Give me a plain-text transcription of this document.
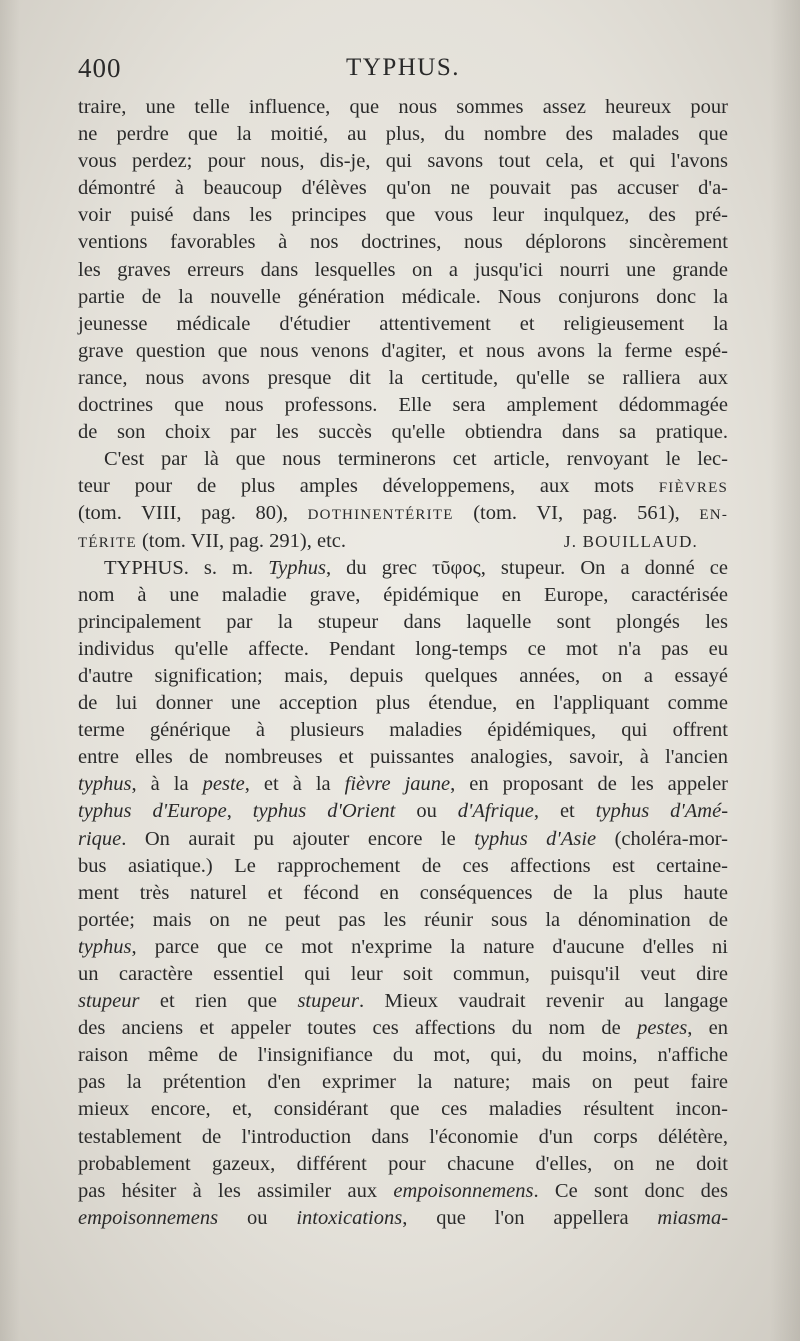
400	TYPHUS.
traire, une telle influence, que nous sommes assez heureux pour
ne perdre que la moitié, au plus, du nombre des malades que
vous perdez; pour nous, dis-je, qui savons tout cela, et qui l'avons
démontré à beaucoup d'élèves qu'on ne pouvait pas accuser d'a-
voir puisé dans les principes que vous leur inqulquez, des pré-
ventions favorables à nos doctrines, nous déplorons sincèrement
les graves erreurs dans lesquelles on a jusqu'ici nourri une grande
partie de la nouvelle génération médicale. Nous conjurons donc la
jeunesse médicale d'étudier attentivement et religieusement la
grave question que nous venons d'agiter, et nous avons la ferme espé-
rance, nous avons presque dit la certitude, qu'elle se ralliera aux
doctrines que nous professons. Elle sera amplement dédommagée
de son choix par les succès qu'elle obtiendra dans sa pratique.
C'est par là que nous terminerons cet article, renvoyant le lec-
teur pour de plus amples développemens, aux mots FIÈVRES
(tom. VIII, pag. 80), DOTHINENTÉRITE (tom. VI, pag. 561), EN-
TÉRITE (tom. VII, pag. 291), etc.	J. BOUILLAUD.
TYPHUS. s. m. Typhus, du grec τῦφος, stupeur. On a donné ce
nom à une maladie grave, épidémique en Europe, caractérisée
principalement par la stupeur dans laquelle sont plongés les
individus qu'elle affecte. Pendant long-temps ce mot n'a pas eu
d'autre signification; mais, depuis quelques années, on a essayé
de lui donner une acception plus étendue, en l'appliquant comme
terme générique à plusieurs maladies épidémiques, qui offrent
entre elles de nombreuses et puissantes analogies, savoir, à l'ancien
typhus, à la peste, et à la fièvre jaune, en proposant de les appeler
typhus d'Europe, typhus d'Orient ou d'Afrique, et typhus d'Amé-
rique. On aurait pu ajouter encore le typhus d'Asie (choléra-mor-
bus asiatique.) Le rapprochement de ces affections est certaine-
ment très naturel et fécond en conséquences de la plus haute
portée; mais on ne peut pas les réunir sous la dénomination de
typhus, parce que ce mot n'exprime la nature d'aucune d'elles ni
un caractère essentiel qui leur soit commun, puisqu'il veut dire
stupeur et rien que stupeur. Mieux vaudrait revenir au langage
des anciens et appeler toutes ces affections du nom de pestes, en
raison même de l'insignifiance du mot, qui, du moins, n'affiche
pas la prétention d'en exprimer la nature; mais on peut faire
mieux encore, et, considérant que ces maladies résultent incon-
testablement de l'introduction dans l'économie d'un corps délétère,
probablement gazeux, différent pour chacune d'elles, on ne doit
pas hésiter à les assimiler aux empoisonnemens. Ce sont donc des
empoisonnemens ou intoxications, que l'on appellera miasma-
